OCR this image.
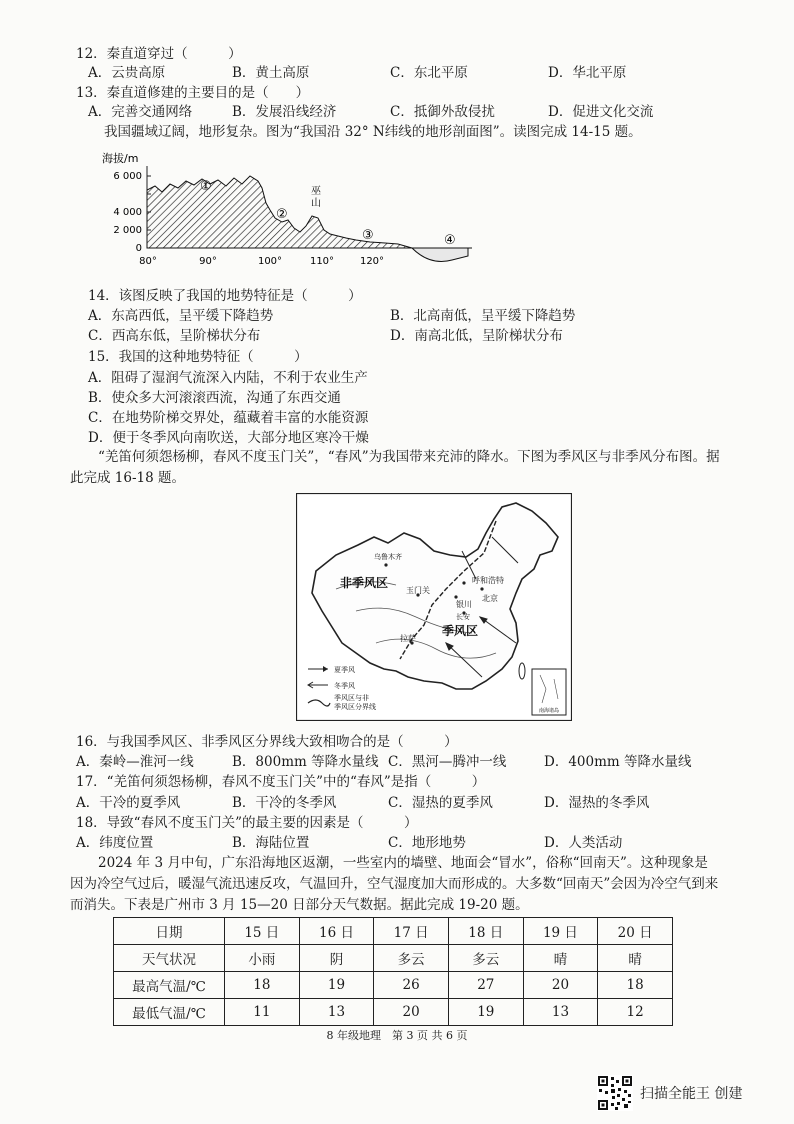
12．秦直道穿过（　　　）
A．云贵高原	B．黄土高原	C．东北平原	D．华北平原
13．秦直道修建的主要目的是（　　）
A．完善交通网络	B．发展沿线经济	C．抵御外敌侵扰	D．促进文化交流
我国疆域辽阔，地形复杂。图为“我国沿 32° N纬线的地形剖面图”。读图完成 14-15 题。
海拔/m
6 000
4 000
2 000
0
①
②
③	④
巫
山
80°	90°	100°	110°	120°
14．该图反映了我国的地势特征是（　　　）
A．东高西低，呈平缓下降趋势	B．北高南低，呈平缓下降趋势
C．西高东低，呈阶梯状分布	D．南高北低，呈阶梯状分布
15．我国的这种地势特征（　　　）
A．阻碍了湿润气流深入内陆，不利于农业生产
B．使众多大河滚滚西流，沟通了东西交通
C．在地势阶梯交界处，蕴藏着丰富的水能资源
D．便于冬季风向南吹送，大部分地区寒冷干燥
“羌笛何须怨杨柳，春风不度玉门关”，“春风”为我国带来充沛的降水。下图为季风区与非季风分布图。据此完成 16-18 题。
南海诸岛
乌鲁木齐
非季风区
季风区
玉门关
呼和浩特
银川
北京
长安
拉萨
夏季风
冬季风
季风区与非
季风区分界线
16．与我国季风区、非季风区分界线大致相吻合的是（　　　）
A．秦岭—淮河一线	B．800mm 等降水量线 C．黑河—腾冲一线	D．400mm 等降水量线
17．“羌笛何须怨杨柳，春风不度玉门关”中的“春风”是指（　　　）
A．干冷的夏季风	B．干冷的冬季风	C．湿热的夏季风	D．湿热的冬季风
18．导致“春风不度玉门关”的最主要的因素是（　　　）
A．纬度位置	B．海陆位置	C．地形地势	D．人类活动
2024 年 3 月中旬，广东沿海地区返潮，一些室内的墙壁、地面会“冒水”，俗称“回南天”。这种现象是因为冷空气过后，暖湿气流迅速反攻，气温回升，空气湿度加大而形成的。大多数“回南天”会因为冷空气到来而消失。下表是广州市 3 月 15—20 日部分天气数据。据此完成 19-20 题。
日期	15 日	16 日	17 日	18 日	19 日	20 日
天气状况	小雨	阴	多云	多云	晴	晴
最高气温/℃	18	19	26	27	20	18
最低气温/℃	11	13	20	19	13	12
8 年级地理　第 3 页 共 6 页
扫描全能王 创建
